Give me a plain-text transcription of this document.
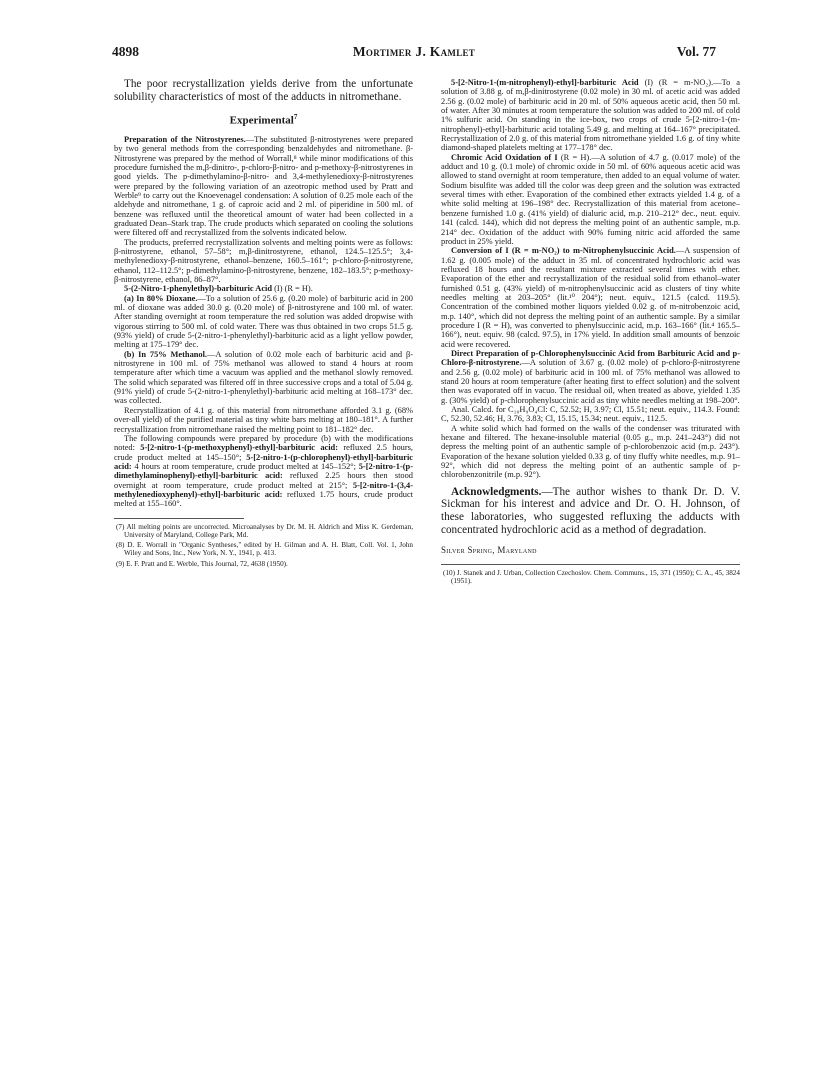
4898	Mortimer J. Kamlet	Vol. 77

The poor recrystallization yields derive from the unfortunate solubility characteristics of most of the adducts in nitromethane.

Experimental$^7$

Preparation of the Nitrostyrenes.—The substituted β-nitrostyrenes were prepared by two general methods from the corresponding benzaldehydes and nitromethane. β-Nitrostyrene was prepared by the method of Worrall,⁸ while minor modifications of this procedure furnished the m,β-dinitro-, p-chloro-β-nitro- and p-methoxy-β-nitrostyrenes in good yields. The p-dimethylamino-β-nitro- and 3,4-methylenedioxy-β-nitrostyrenes were prepared by the following variation of an azeotropic method used by Pratt and Werble⁹ to carry out the Knoevenagel condensation: A solution of 0.25 mole each of the aldehyde and nitromethane, 1 g. of caproic acid and 2 ml. of piperidine in 500 ml. of benzene was refluxed until the theoretical amount of water had been collected in a graduated Dean–Stark trap. The crude products which separated on cooling the solutions were filtered off and recrystallized from the solvents indicated below.

The products, preferred recrystallization solvents and melting points were as follows: β-nitrostyrene, ethanol, 57–58°; m,β-dinitrostyrene, ethanol, 124.5–125.5°; 3,4-methylenedioxy-β-nitrostyrene, ethanol–benzene, 160.5–161°; p-chloro-β-nitrostyrene, ethanol, 112–112.5°; p-dimethylamino-β-nitrostyrene, benzene, 182–183.5°; p-methoxy-β-nitrostyrene, ethanol, 86–87°.

5-(2-Nitro-1-phenylethyl)-barbituric Acid (I) (R = H).

(a) In 80% Dioxane.—To a solution of 25.6 g. (0.20 mole) of barbituric acid in 200 ml. of dioxane was added 30.0 g. (0.20 mole) of β-nitrostyrene and 100 ml. of water. After standing overnight at room temperature the red solution was added dropwise with vigorous stirring to 500 ml. of cold water. There was thus obtained in two crops 51.5 g. (93% yield) of crude 5-(2-nitro-1-phenylethyl)-barbituric acid as a light yellow powder, melting at 175–179° dec.

(b) In 75% Methanol.—A solution of 0.02 mole each of barbituric acid and β-nitrostyrene in 100 ml. of 75% methanol was allowed to stand 4 hours at room temperature after which time a vacuum was applied and the methanol slowly removed. The solid which separated was filtered off in three successive crops and a total of 5.04 g. (91% yield) of crude 5-(2-nitro-1-phenylethyl)-barbituric acid melting at 168–173° dec. was collected.

Recrystallization of 4.1 g. of this material from nitromethane afforded 3.1 g. (68% over-all yield) of the purified material as tiny white bars melting at 180–181°. A further recrystallization from nitromethane raised the melting point to 181–182° dec.

The following compounds were prepared by procedure (b) with the modifications noted: 5-[2-nitro-1-(p-methoxyphenyl)-ethyl]-barbituric acid: refluxed 2.5 hours, crude product melted at 145–150°; 5-[2-nitro-1-(p-chlorophenyl)-ethyl]-barbituric acid: 4 hours at room temperature, crude product melted at 145–152°; 5-[2-nitro-1-(p-dimethylaminophenyl)-ethyl]-barbituric acid: refluxed 2.25 hours then stood overnight at room temperature, crude product melted at 215°; 5-[2-nitro-1-(3,4-methylenedioxyphenyl)-ethyl]-barbituric acid: refluxed 1.75 hours, crude product melted at 155–160°.

(7) All melting points are uncorrected. Microanalyses by Dr. M. H. Aldrich and Miss K. Gerdeman, University of Maryland, College Park, Md.

(8) D. E. Worrall in "Organic Syntheses," edited by H. Gilman and A. H. Blatt, Coll. Vol. 1, John Wiley and Sons, Inc., New York, N. Y., 1941, p. 413.

(9) E. F. Pratt and E. Werble, This Journal, 72, 4638 (1950).

5-[2-Nitro-1-(m-nitrophenyl)-ethyl]-barbituric Acid (I) (R = m-NO₂).—To a solution of 3.88 g. of m,β-dinitrostyrene (0.02 mole) in 30 ml. of acetic acid was added 2.56 g. (0.02 mole) of barbituric acid in 20 ml. of 50% aqueous acetic acid, then 50 ml. of water. After 30 minutes at room temperature the solution was added to 200 ml. of cold 1% sulfuric acid. On standing in the ice-box, two crops of crude 5-[2-nitro-1-(m-nitrophenyl)-ethyl]-barbituric acid totaling 5.49 g. and melting at 164–167° precipitated. Recrystallization of 2.0 g. of this material from nitromethane yielded 1.6 g. of tiny white diamond-shaped platelets melting at 177–178° dec.

Chromic Acid Oxidation of I (R = H).—A solution of 4.7 g. (0.017 mole) of the adduct and 10 g. (0.1 mole) of chromic oxide in 50 ml. of 60% aqueous acetic acid was allowed to stand overnight at room temperature, then added to an equal volume of water. Sodium bisulfite was added till the color was deep green and the solution was extracted several times with ether. Evaporation of the combined ether extracts yielded 1.4 g. of a white solid melting at 196–198° dec. Recrystallization of this material from acetone–benzene furnished 1.0 g. (41% yield) of dialuric acid, m.p. 210–212° dec., neut. equiv. 141 (calcd. 144), which did not depress the melting point of an authentic sample, m.p. 214° dec. Oxidation of the adduct with 90% fuming nitric acid afforded the same product in 25% yield.

Conversion of I (R = m-NO₂) to m-Nitrophenylsuccinic Acid.—A suspension of 1.62 g. (0.005 mole) of the adduct in 35 ml. of concentrated hydrochloric acid was refluxed 18 hours and the resultant mixture extracted several times with ether. Evaporation of the ether and recrystallization of the residual solid from ethanol–water furnished 0.51 g. (43% yield) of m-nitrophenylsuccinic acid as clusters of tiny white needles melting at 203–205° (lit.¹⁰ 204°); neut. equiv., 121.5 (calcd. 119.5). Concentration of the combined mother liquors yielded 0.02 g. of m-nitrobenzoic acid, m.p. 140°, which did not depress the melting point of an authentic sample. By a similar procedure I (R = H), was converted to phenylsuccinic acid, m.p. 163–166° (lit.⁴ 165.5–166°), neut. equiv. 98 (calcd. 97.5), in 17% yield. In addition small amounts of benzoic acid were recovered.

Direct Preparation of p-Chlorophenylsuccinic Acid from Barbituric Acid and p-Chloro-β-nitrostyrene.—A solution of 3.67 g. (0.02 mole) of p-chloro-β-nitrostyrene and 2.56 g. (0.02 mole) of barbituric acid in 100 ml. of 75% methanol was allowed to stand 20 hours at room temperature (after heating first to effect solution) and the solvent then was evaporated off in vacuo. The residual oil, when treated as above, yielded 1.35 g. (30% yield) of p-chlorophenylsuccinic acid as tiny white needles melting at 198–200°.

Anal. Calcd. for C₁₀H₉O₄Cl: C, 52.52; H, 3.97; Cl, 15.51; neut. equiv., 114.3. Found: C, 52.30, 52.46; H, 3.76, 3.83; Cl, 15.15, 15.34; neut. equiv., 112.5.

A white solid which had formed on the walls of the condenser was triturated with hexane and filtered. The hexane-insoluble material (0.05 g., m.p. 241–243°) did not depress the melting point of an authentic sample of p-chlorobenzoic acid (m.p. 243°). Evaporation of the hexane solution yielded 0.33 g. of tiny fluffy white needles, m.p. 91–92°, which did not depress the melting point of an authentic sample of p-chlorobenzonitrile (m.p. 92°).

Acknowledgments.—The author wishes to thank Dr. D. V. Sickman for his interest and advice and Dr. O. H. Johnson, of these laboratories, who suggested refluxing the adducts with concentrated hydrochloric acid as a method of degradation.

Silver Spring, Maryland

(10) J. Stanek and J. Urban, Collection Czechoslov. Chem. Communs., 15, 371 (1950); C. A., 45, 3824 (1951).
